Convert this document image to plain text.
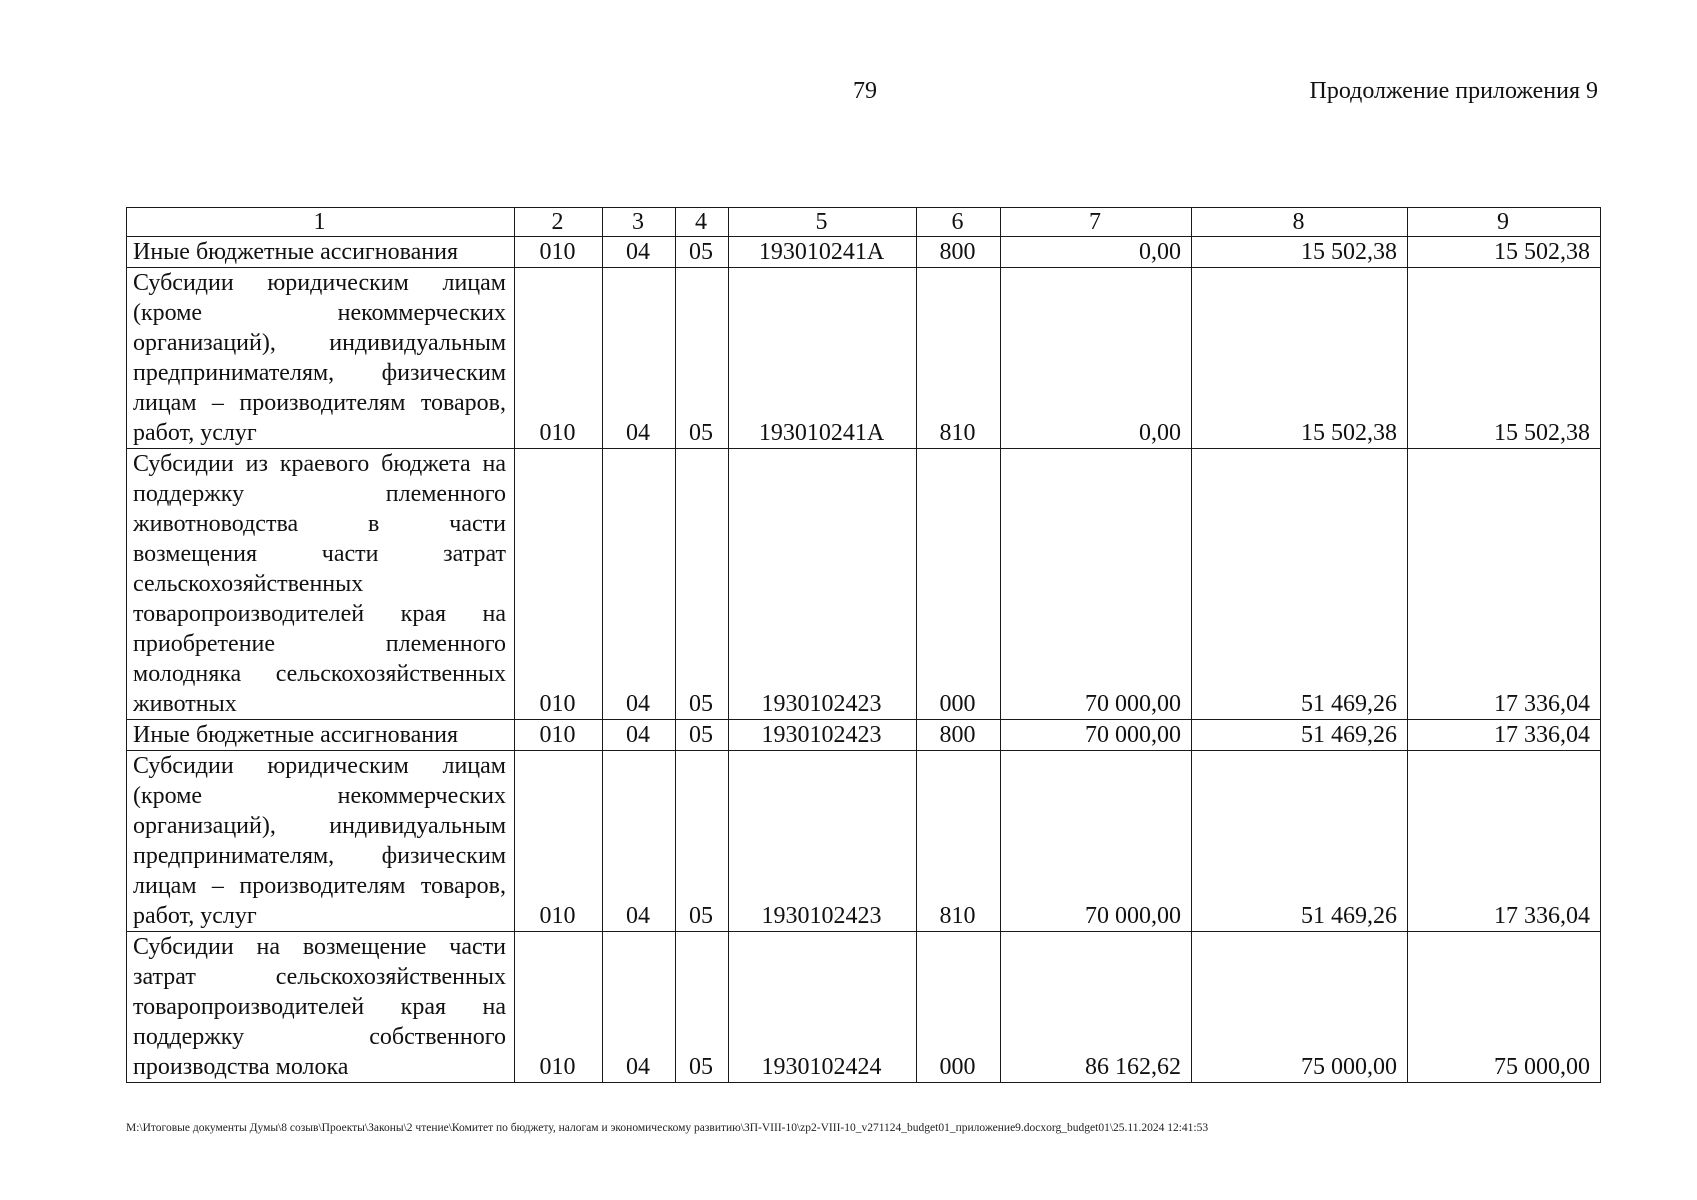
79	Продолжение приложения 9
1	2	3	4	5	6	7	8	9
Иные бюджетные ассигнования	010	04	05	193010241А	800	0,00	15 502,38	15 502,38
Субсидии юридическим лицам (кроме некоммерческих организаций), индивидуальным предпринимателям, физическим лицам – производителям товаров, работ, услуг	010	04	05	193010241А	810	0,00	15 502,38	15 502,38
Субсидии из краевого бюджета на поддержку племенного животноводства в части возмещения части затрат сельскохозяйственных товаропроизводителей края на приобретение племенного молодняка сельскохозяйственных животных	010	04	05	1930102423	000	70 000,00	51 469,26	17 336,04
Иные бюджетные ассигнования	010	04	05	1930102423	800	70 000,00	51 469,26	17 336,04
Субсидии юридическим лицам (кроме некоммерческих организаций), индивидуальным предпринимателям, физическим лицам – производителям товаров, работ, услуг	010	04	05	1930102423	810	70 000,00	51 469,26	17 336,04
Субсидии на возмещение части затрат сельскохозяйственных товаропроизводителей края на поддержку собственного производства молока	010	04	05	1930102424	000	86 162,62	75 000,00	75 000,00
М:\Итоговые документы Думы\8 созыв\Проекты\Законы\2 чтение\Комитет по бюджету, налогам и экономическому развитию\ЗП-VIII-10\zp2-VIII-10_v271124_budget01_приложение9.docxorg_budget01\25.11.2024 12:41:53
